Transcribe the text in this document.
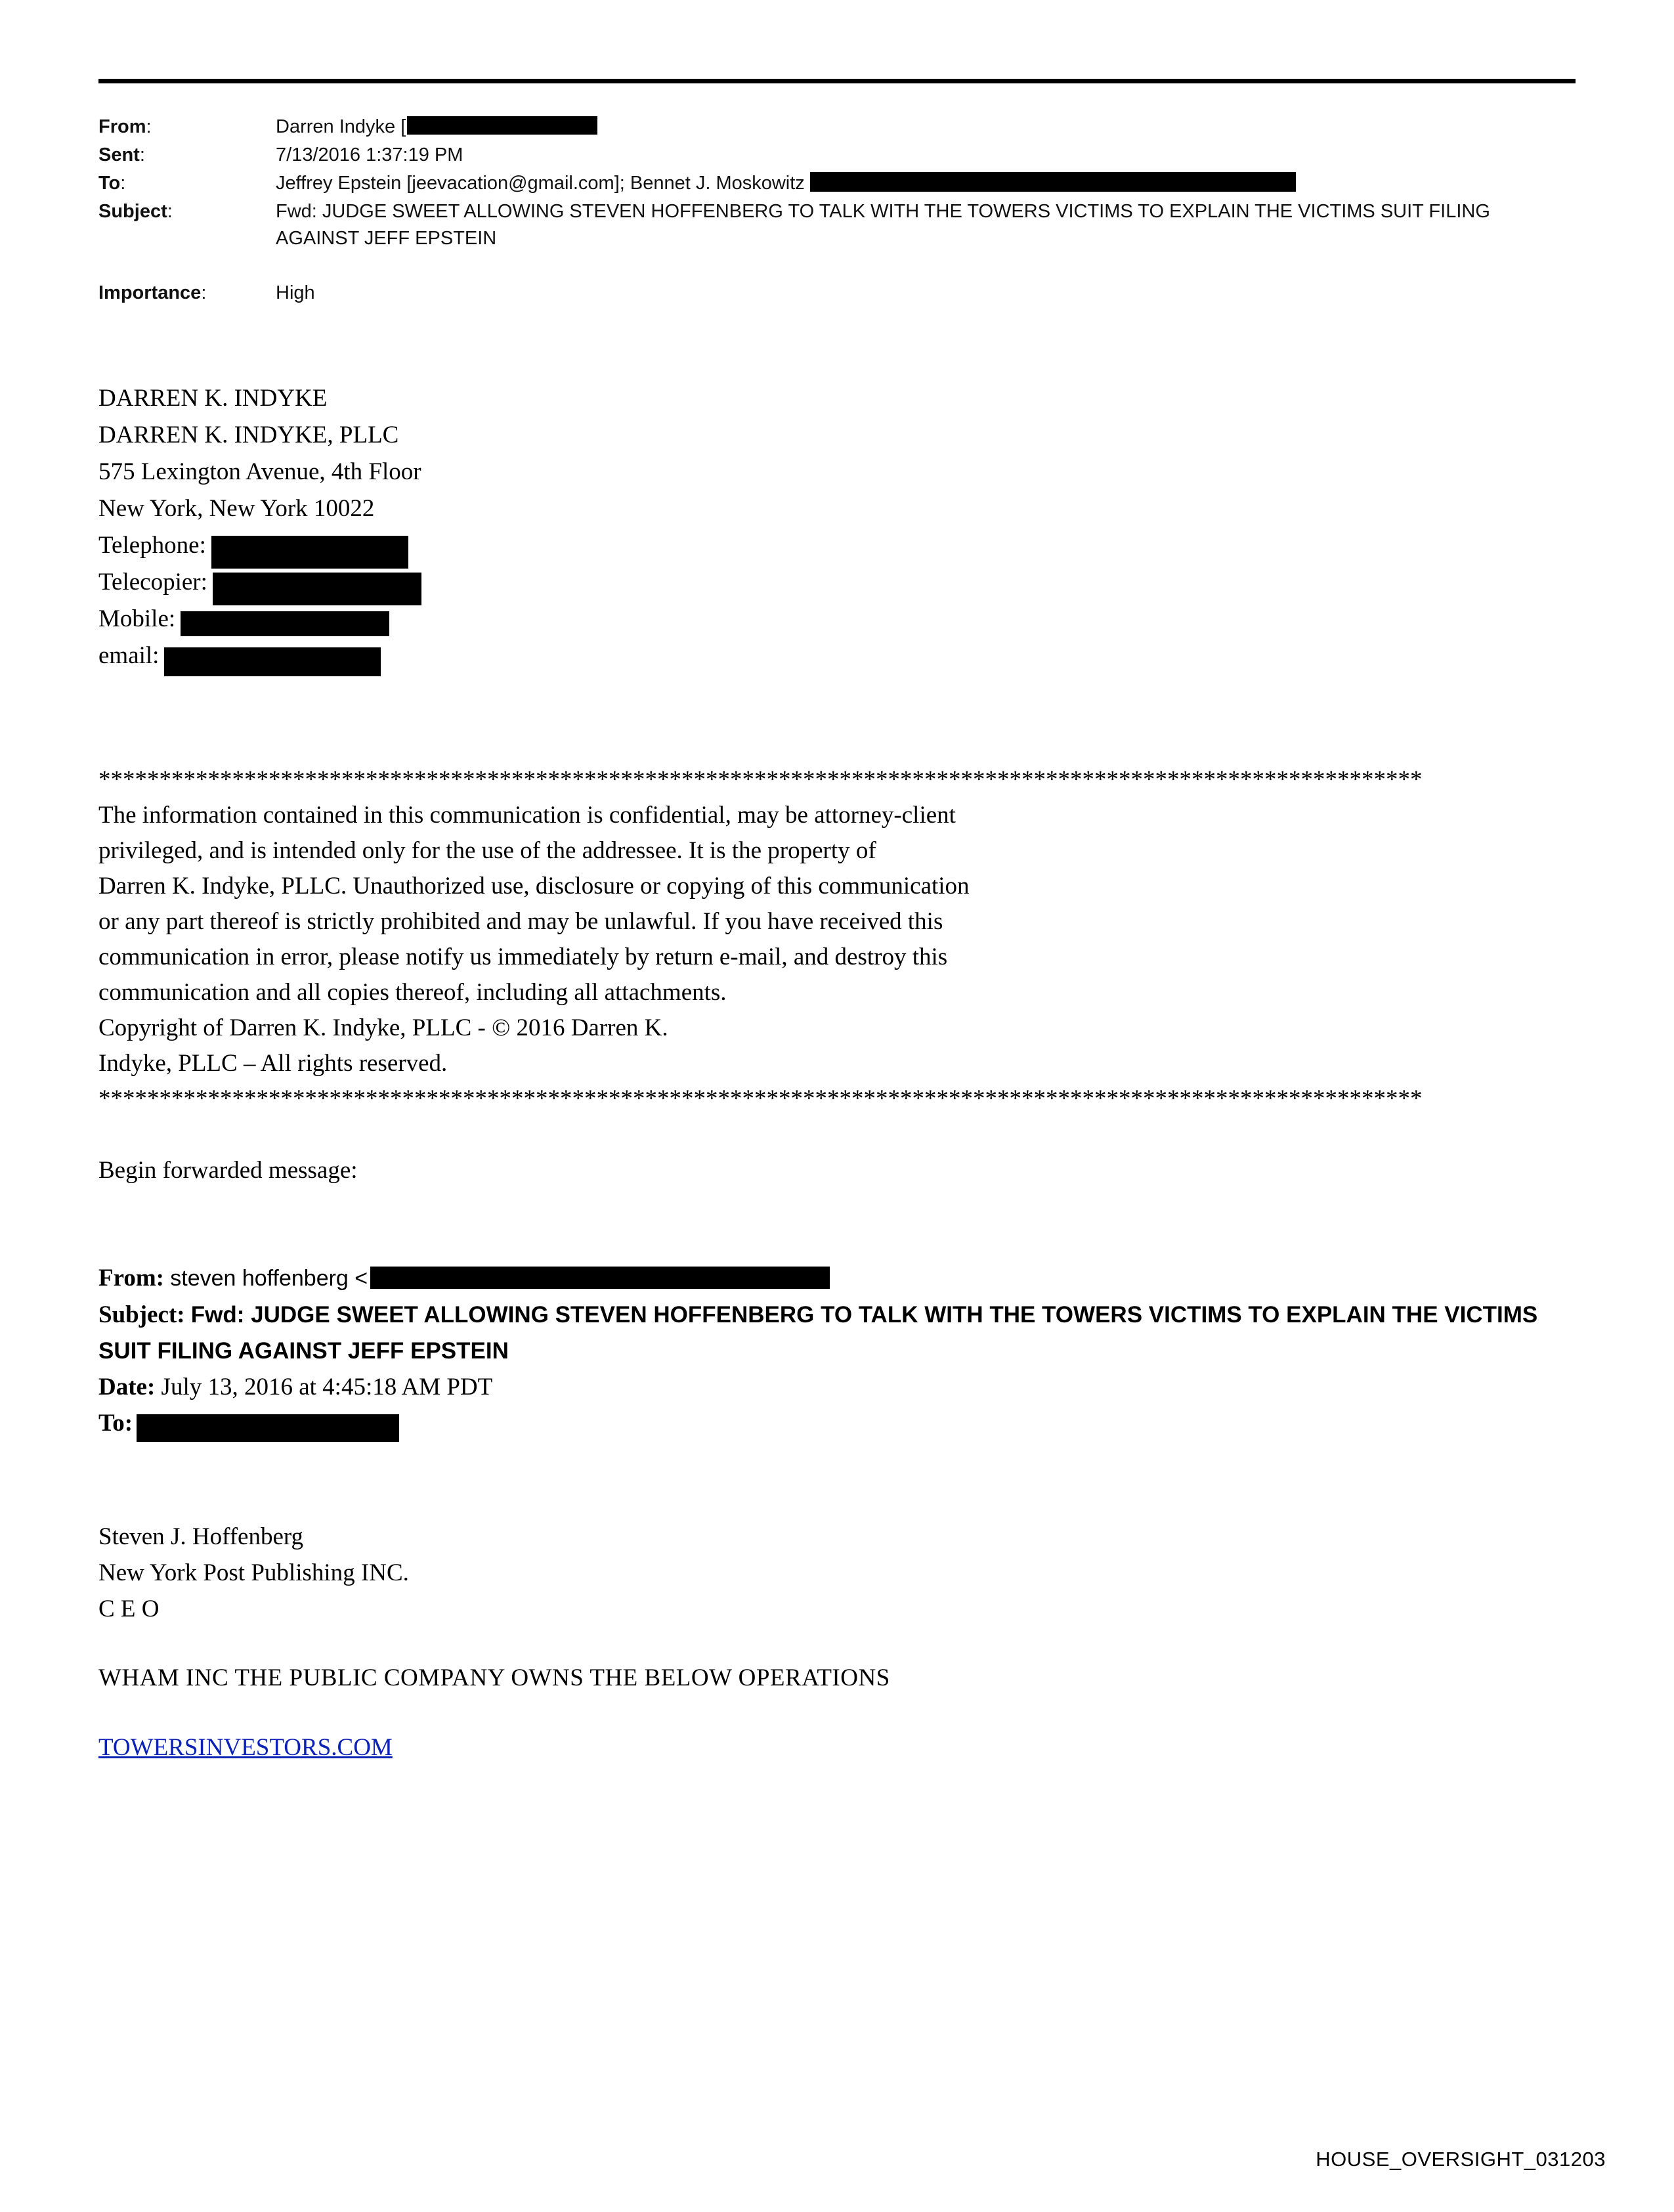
From:	Darren Indyke [
Sent:	7/13/2016 1:37:19 PM
To:	Jeffrey Epstein [jeevacation@gmail.com]; Bennet J. Moskowitz
Subject:	Fwd: JUDGE SWEET ALLOWING STEVEN HOFFENBERG TO TALK WITH THE TOWERS VICTIMS TO EXPLAIN THE VICTIMS SUIT FILING AGAINST JEFF EPSTEIN
Importance:	High
DARREN K. INDYKE
DARREN K. INDYKE, PLLC
575 Lexington Avenue, 4th Floor
New York, New York 10022
Telephone:
Telecopier:
Mobile:
email:
*************************************************************************************************************
The information contained in this communication is confidential, may be attorney-client
privileged, and is intended only for the use of the addressee. It is the property of
Darren K. Indyke, PLLC. Unauthorized use, disclosure or copying of this communication
or any part thereof is strictly prohibited and may be unlawful. If you have received this
communication in error, please notify us immediately by return e-mail, and destroy this
communication and all copies thereof, including all attachments.
Copyright of Darren K. Indyke, PLLC - © 2016 Darren K.
Indyke, PLLC – All rights reserved.
*************************************************************************************************************
Begin forwarded message:
From: steven hoffenberg <
Subject: Fwd: JUDGE SWEET ALLOWING STEVEN HOFFENBERG TO TALK WITH THE TOWERS VICTIMS TO EXPLAIN THE VICTIMS SUIT FILING AGAINST JEFF EPSTEIN
Date: July 13, 2016 at 4:45:18 AM PDT
To:
Steven J. Hoffenberg
New York Post Publishing INC.
C E O
WHAM INC THE PUBLIC COMPANY OWNS THE BELOW OPERATIONS
TOWERSINVESTORS.COM
HOUSE_OVERSIGHT_031203
